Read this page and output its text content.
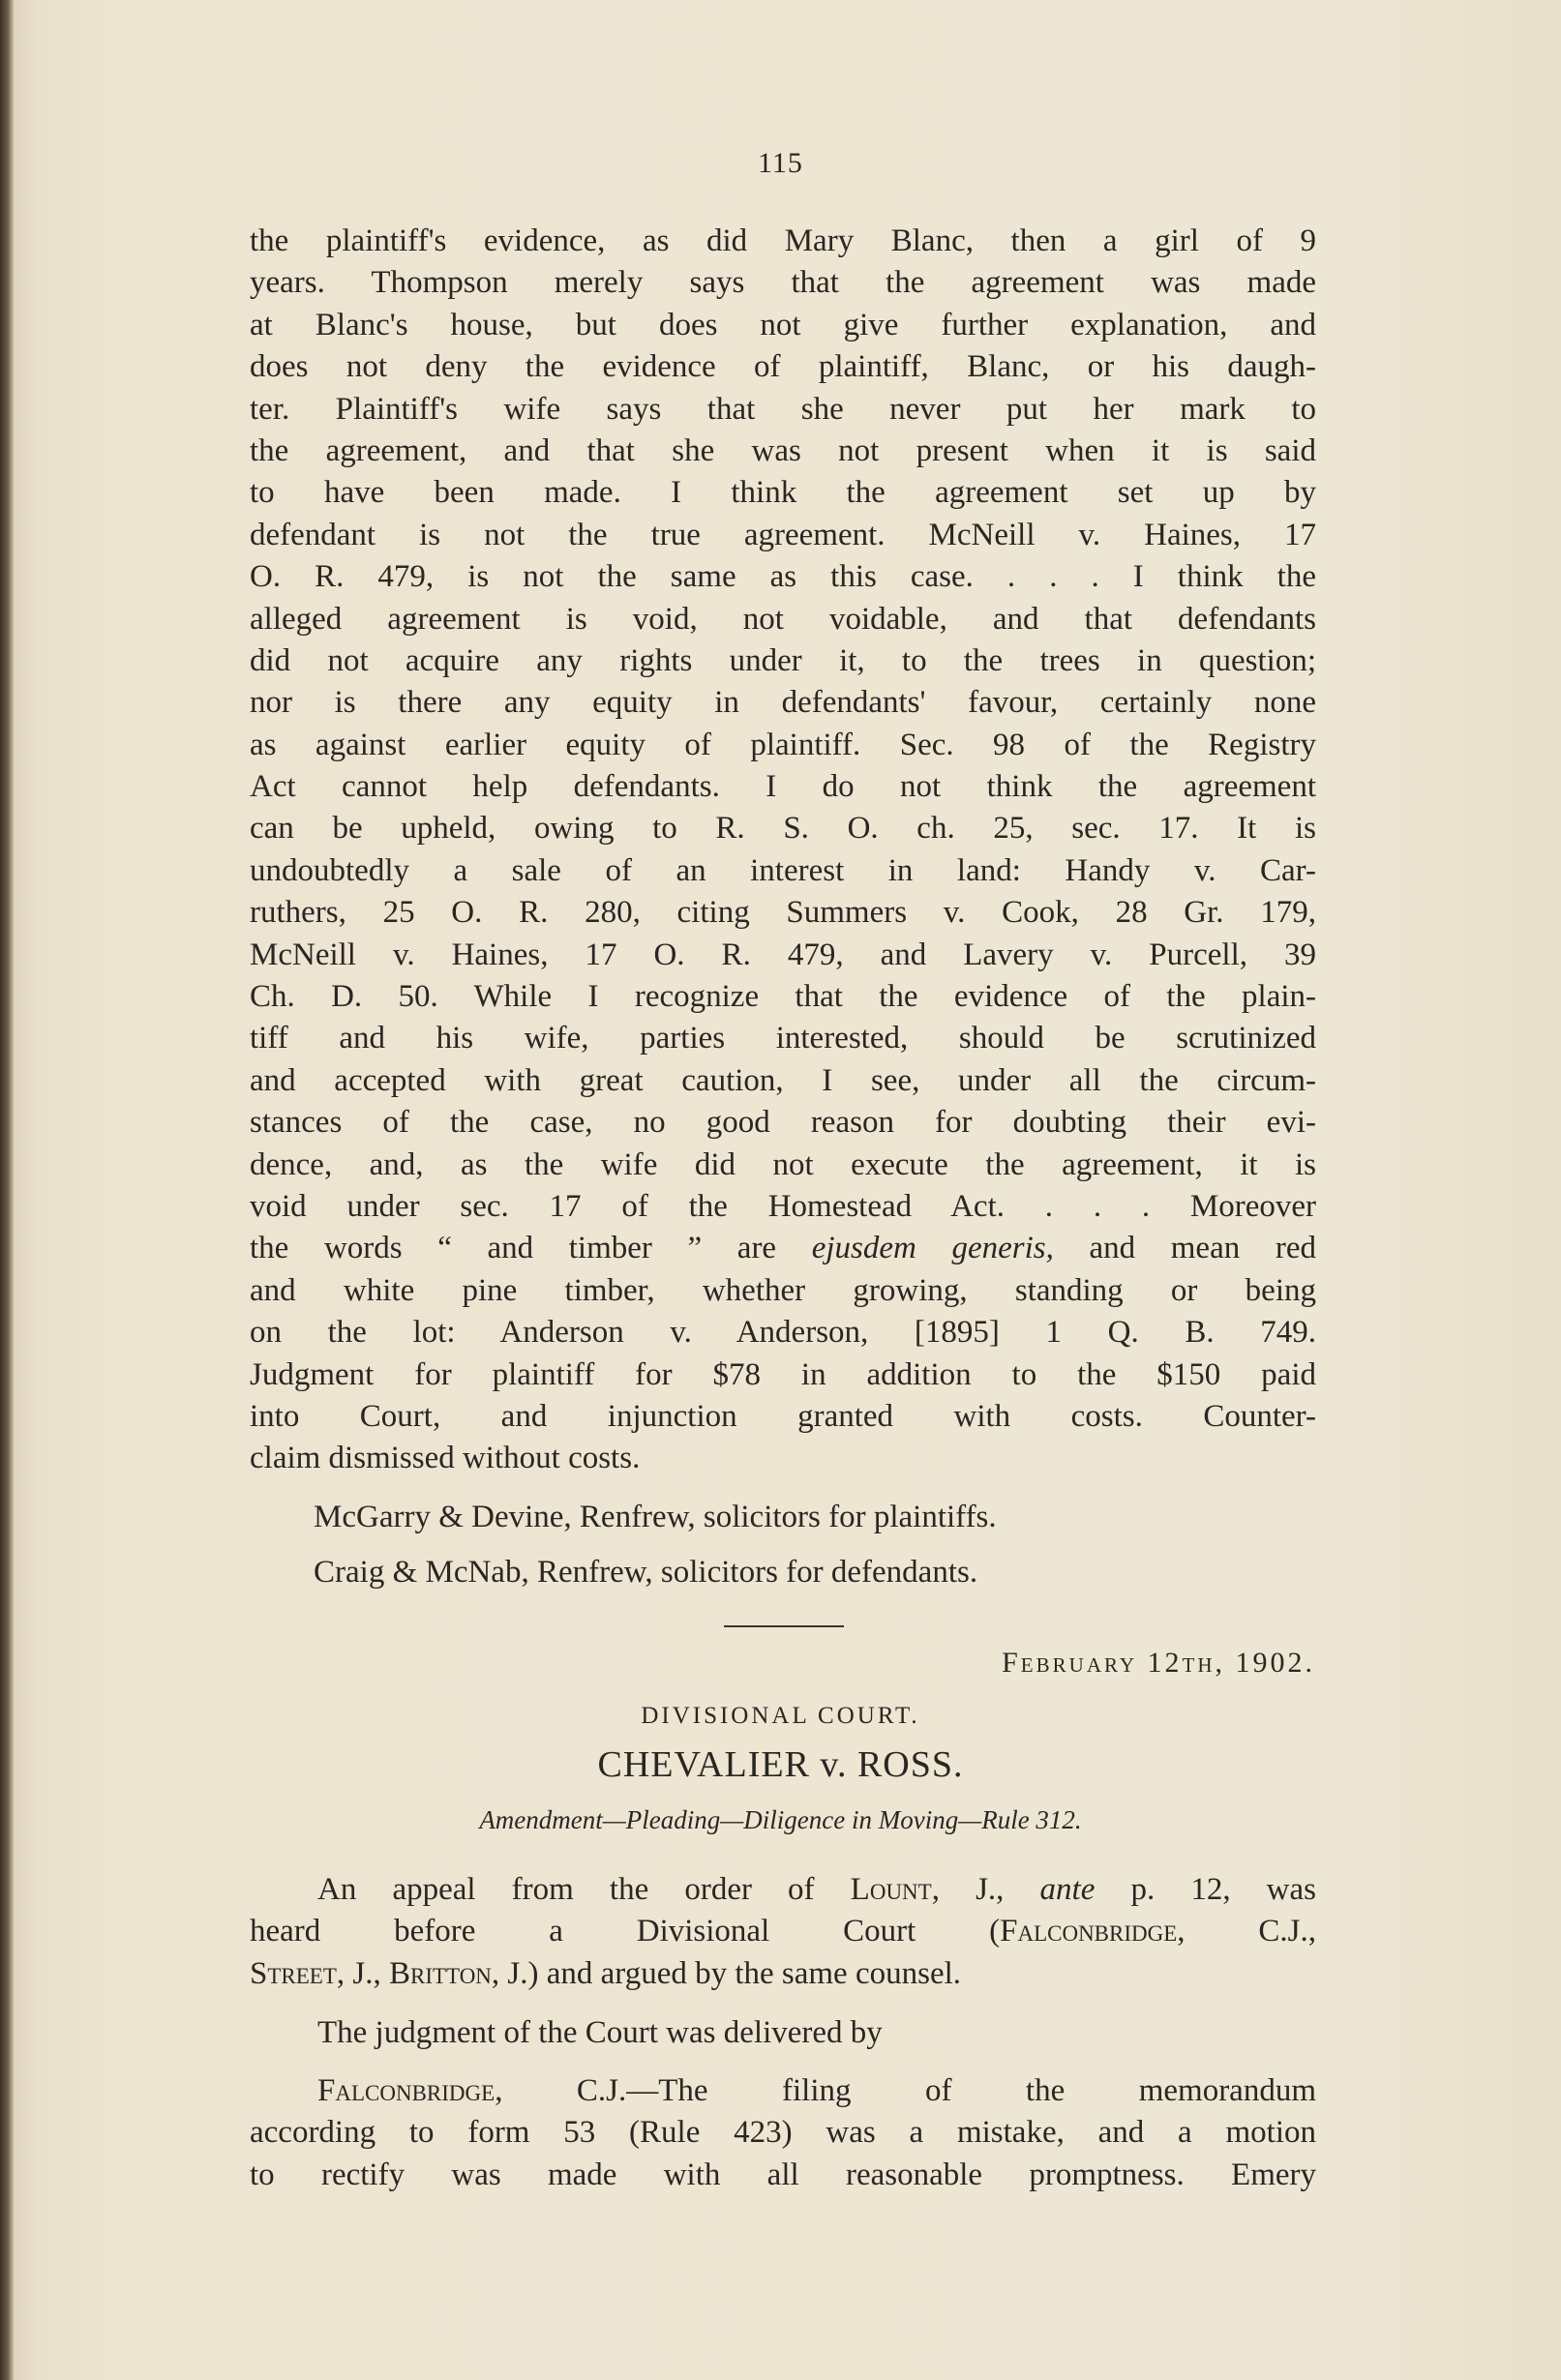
115
the plaintiff's evidence, as did Mary Blanc, then a girl of 9
years. Thompson merely says that the agreement was made
at Blanc's house, but does not give further explanation, and
does not deny the evidence of plaintiff, Blanc, or his daugh-
ter. Plaintiff's wife says that she never put her mark to
the agreement, and that she was not present when it is said
to have been made. I think the agreement set up by
defendant is not the true agreement. McNeill v. Haines, 17
O. R. 479, is not the same as this case. . . . I think the
alleged agreement is void, not voidable, and that defendants
did not acquire any rights under it, to the trees in question;
nor is there any equity in defendants' favour, certainly none
as against earlier equity of plaintiff. Sec. 98 of the Registry
Act cannot help defendants. I do not think the agreement
can be upheld, owing to R. S. O. ch. 25, sec. 17. It is
undoubtedly a sale of an interest in land: Handy v. Car-
ruthers, 25 O. R. 280, citing Summers v. Cook, 28 Gr. 179,
McNeill v. Haines, 17 O. R. 479, and Lavery v. Purcell, 39
Ch. D. 50. While I recognize that the evidence of the plain-
tiff and his wife, parties interested, should be scrutinized
and accepted with great caution, I see, under all the circum-
stances of the case, no good reason for doubting their evi-
dence, and, as the wife did not execute the agreement, it is
void under sec. 17 of the Homestead Act. . . . Moreover
the words “ and timber ” are ejusdem generis, and mean red
and white pine timber, whether growing, standing or being
on the lot: Anderson v. Anderson, [1895] 1 Q. B. 749.
Judgment for plaintiff for $78 in addition to the $150 paid
into Court, and injunction granted with costs. Counter-
claim dismissed without costs.
McGarry & Devine, Renfrew, solicitors for plaintiffs.
Craig & McNab, Renfrew, solicitors for defendants.
February 12th, 1902.
DIVISIONAL COURT.
CHEVALIER v. ROSS.
Amendment—Pleading—Diligence in Moving—Rule 312.
An appeal from the order of Lount, J., ante p. 12, was
heard before a Divisional Court (Falconbridge, C.J.,
Street, J., Britton, J.) and argued by the same counsel.
The judgment of the Court was delivered by
Falconbridge, C.J.—The filing of the memorandum
according to form 53 (Rule 423) was a mistake, and a motion
to rectify was made with all reasonable promptness. Emery
